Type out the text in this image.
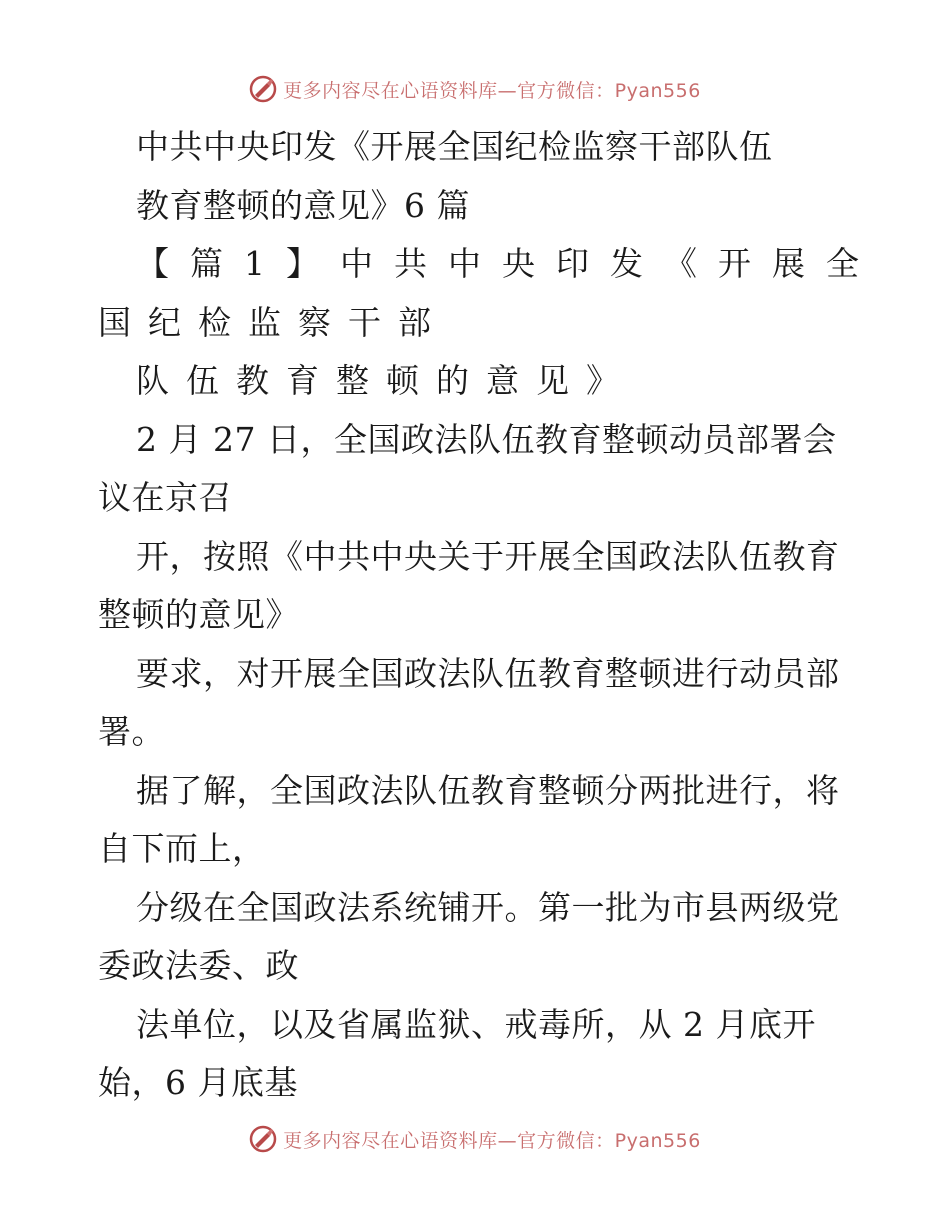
更多内容尽在心语资料库—官方微信：Pyan556
中共中央印发《开展全国纪检监察干部队伍
教育整顿的意见》6 篇
【篇1】中共中央印发《开展全
国纪检监察干部
队伍教育整顿的意见》
2 月 27 日，全国政法队伍教育整顿动员部署会
议在京召
开，按照《中共中央关于开展全国政法队伍教育
整顿的意见》
要求，对开展全国政法队伍教育整顿进行动员部
署。
据了解，全国政法队伍教育整顿分两批进行，将
自下而上，
分级在全国政法系统铺开。第一批为市县两级党
委政法委、政
法单位，以及省属监狱、戒毒所，从 2 月底开
始，6 月底基
更多内容尽在心语资料库—官方微信：Pyan556
